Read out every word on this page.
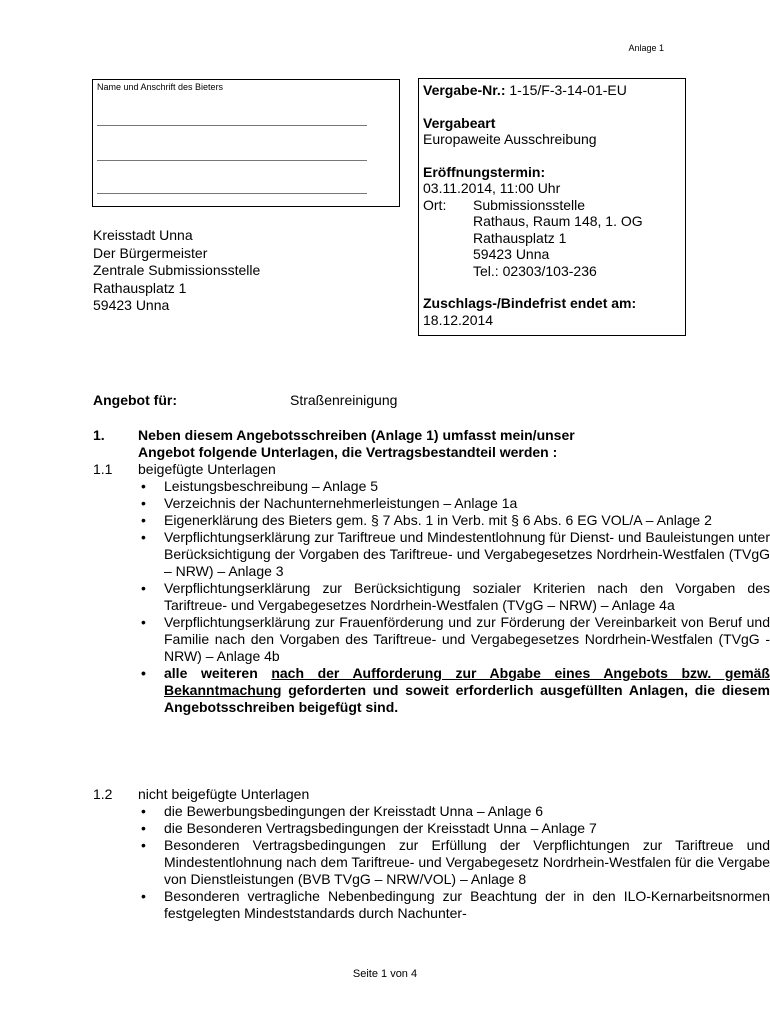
Anlage 1
Name und Anschrift des Bieters
Kreisstadt Unna
Der Bürgermeister
Zentrale Submissionsstelle
Rathausplatz 1
59423 Unna
Vergabe-Nr.: 1-15/F-3-14-01-EU
Vergabeart
Europaweite Ausschreibung
Eröffnungstermin:
03.11.2014, 11:00 Uhr
Ort:	Submissionsstelle
Rathaus, Raum 148, 1. OG
Rathausplatz 1
59423 Unna
Tel.: 02303/103-236
Zuschlags-/Bindefrist endet am:
18.12.2014
Angebot für:	Straßenreinigung
1. Neben diesem Angebotsschreiben (Anlage 1) umfasst mein/unser
Angebot folgende Unterlagen, die Vertragsbestandteil werden :
1.1 beigefügte Unterlagen
• Leistungsbeschreibung – Anlage 5
• Verzeichnis der Nachunternehmerleistungen – Anlage 1a
• Eigenerklärung des Bieters gem. § 7 Abs. 1 in Verb. mit § 6 Abs. 6 EG VOL/A – Anlage 2
• Verpflichtungserklärung zur Tariftreue und Mindestentlohnung für Dienst- und Bauleistungen unter Berücksichtigung der Vorgaben des Tariftreue- und Vergabegesetzes Nordrhein-Westfalen (TVgG – NRW) – Anlage 3
• Verpflichtungserklärung zur Berücksichtigung sozialer Kriterien nach den Vorgaben des Tariftreue- und Vergabegesetzes Nordrhein-Westfalen (TVgG – NRW) – Anlage 4a
• Verpflichtungserklärung zur Frauenförderung und zur Förderung der Vereinbarkeit von Beruf und Familie nach den Vorgaben des Tariftreue- und Vergabegesetzes Nordrhein-Westfalen (TVgG - NRW) – Anlage 4b
• alle weiteren nach der Aufforderung zur Abgabe eines Angebots bzw. gemäß Bekanntmachung geforderten und soweit erforderlich ausgefüllten Anlagen, die diesem Angebotsschreiben beigefügt sind.
1.2 nicht beigefügte Unterlagen
• die Bewerbungsbedingungen der Kreisstadt Unna – Anlage 6
• die Besonderen Vertragsbedingungen der Kreisstadt Unna – Anlage 7
• Besonderen Vertragsbedingungen zur Erfüllung der Verpflichtungen zur Tariftreue und Mindestentlohnung nach dem Tariftreue- und Vergabegesetz Nordrhein-Westfalen für die Vergabe von Dienstleistungen (BVB TVgG – NRW/VOL) – Anlage 8
• Besonderen vertragliche Nebenbedingung zur Beachtung der in den ILO-Kernarbeitsnormen festgelegten Mindeststandards durch Nachunter-
Seite 1 von 4
